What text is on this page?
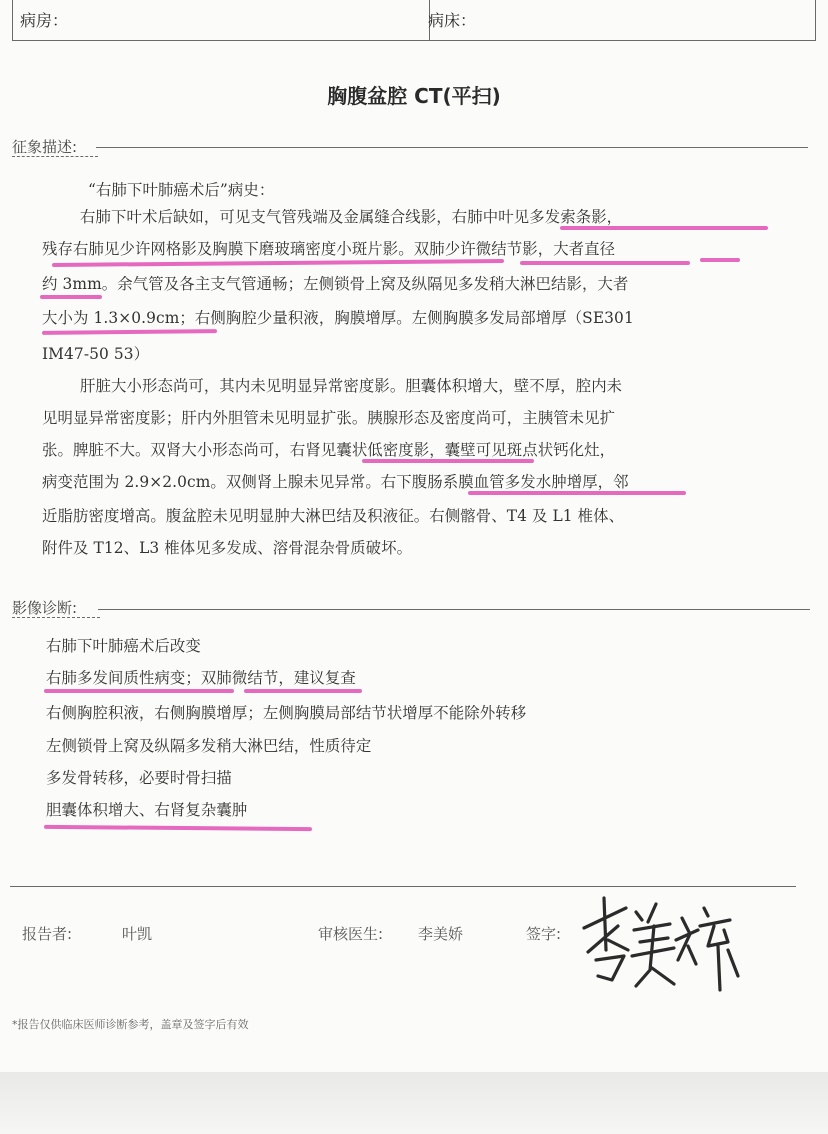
病房：	病床：
胸腹盆腔 CT(平扫)
征象描述:
“右肺下叶肺癌术后”病史：
右肺下叶术后缺如，可见支气管残端及金属缝合线影，右肺中叶见多发索条影，
残存右肺见少许网格影及胸膜下磨玻璃密度小斑片影。双肺少许微结节影，大者直径
约 3mm。余气管及各主支气管通畅；左侧锁骨上窝及纵隔见多发稍大淋巴结影，大者
大小为 1.3×0.9cm；右侧胸腔少量积液，胸膜增厚。左侧胸膜多发局部增厚（SE301
IM47-50 53）
肝脏大小形态尚可，其内未见明显异常密度影。胆囊体积增大，壁不厚，腔内未
见明显异常密度影；肝内外胆管未见明显扩张。胰腺形态及密度尚可，主胰管未见扩
张。脾脏不大。双肾大小形态尚可，右肾见囊状低密度影，囊壁可见斑点状钙化灶，
病变范围为 2.9×2.0cm。双侧肾上腺未见异常。右下腹肠系膜血管多发水肿增厚，邻
近脂肪密度增高。腹盆腔未见明显肿大淋巴结及积液征。右侧髂骨、T4 及 L1 椎体、
附件及 T12、L3 椎体见多发成、溶骨混杂骨质破坏。
影像诊断:
右肺下叶肺癌术后改变
右肺多发间质性病变；双肺微结节，建议复查
右侧胸腔积液，右侧胸膜增厚；左侧胸膜局部结节状增厚不能除外转移
左侧锁骨上窝及纵隔多发稍大淋巴结，性质待定
多发骨转移，必要时骨扫描
胆囊体积增大、右肾复杂囊肿
报告者:	叶凯	审核医生: 李美娇	签字:
*报告仅供临床医师诊断参考，盖章及签字后有效
